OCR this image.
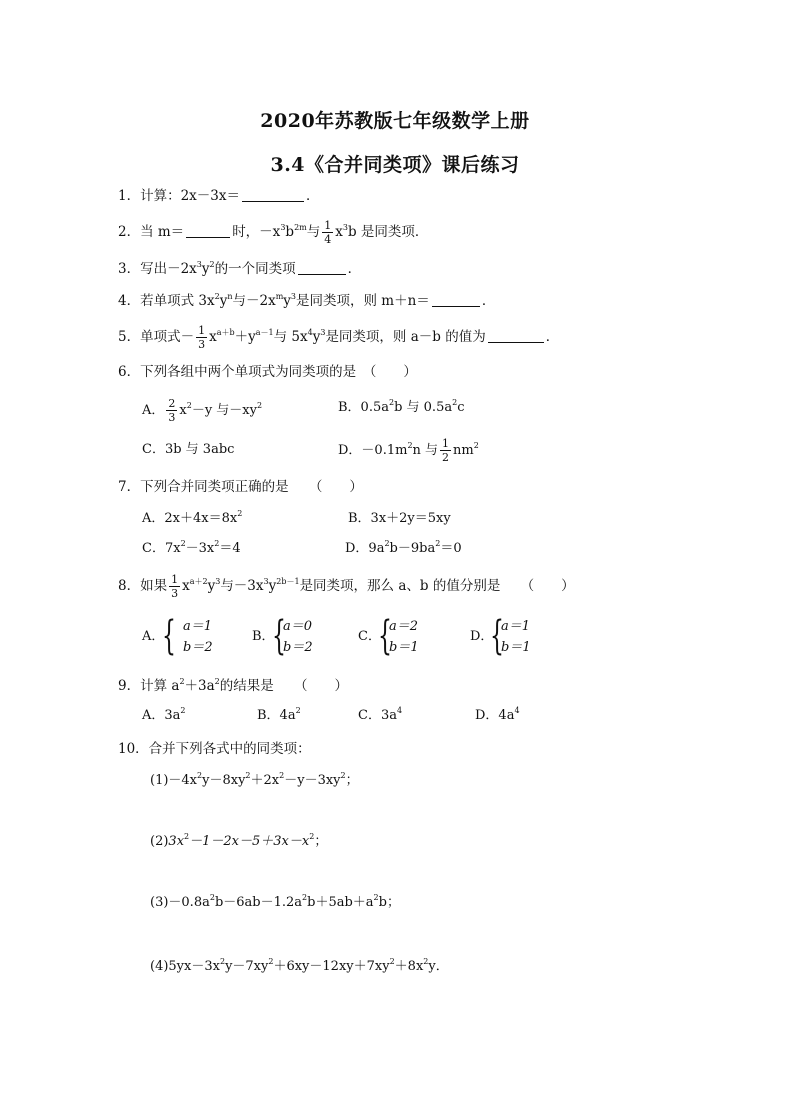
2020年苏教版七年级数学上册
3.4《合并同类项》课后练习
1．计算：2x－3x＝	．
2．当 m＝	时，$-x^3b^{2m}$与 $\frac{1}{4} x^3b$ 是同类项．
3．写出$-2x^3y^2$的一个同类项	．
4．若单项式 $3x^2y^n$与$-2x^my^3$是同类项，则 m＋n＝	．
5．单项式－ $\frac{1}{3} x^{a+b}+y^{a-1}$与 $5x^4y^3$是同类项，则 a－b 的值为	．
6．下列各组中两个单项式为同类项的是　（　　）
A． $\frac{2}{3} x^2-y$ 与$-xy^2$	B．$0.5a^2b$ 与 $0.5a^2c$
C．3b 与 3abc	D．$-0.1m^2n$ 与 $\frac{1}{2} nm^2$
7．下列合并同类项正确的是　　（　　）
A．$2x+4x=8x^2$	B．3x＋2y＝5xy
C．$7x^2-3x^2=4$	D．$9a^2b-9ba^2=0$
8．如果 $\frac{1}{3} x^{a+2}y^3$与$-3x^3y^{2b-1}$是同类项，那么 a、b 的值分别是　　（　　）
A．
{ a＝1
b＝2
B．
{
a＝0
b＝2
C．
{
a＝2
b＝1
D．
{
a＝1
b＝1
9．计算 $a^2+3a^2$的结果是　　（　　）
A．$3a^2$	B．$4a^2$	C．$3a^4$	D．$4a^4$
10．合并下列各式中的同类项：
$(1)-4x^2y-8xy^2+2x^2-y-3xy^2$；
$(2)3x^2-1-2x-5+3x-x^2$；
$(3)-0.8a^2b-6ab-1.2a^2b+5ab+a^2b$；
$(4)5yx-3x^2y-7xy^2+6xy-12xy+7xy^2+8x^2y$．
